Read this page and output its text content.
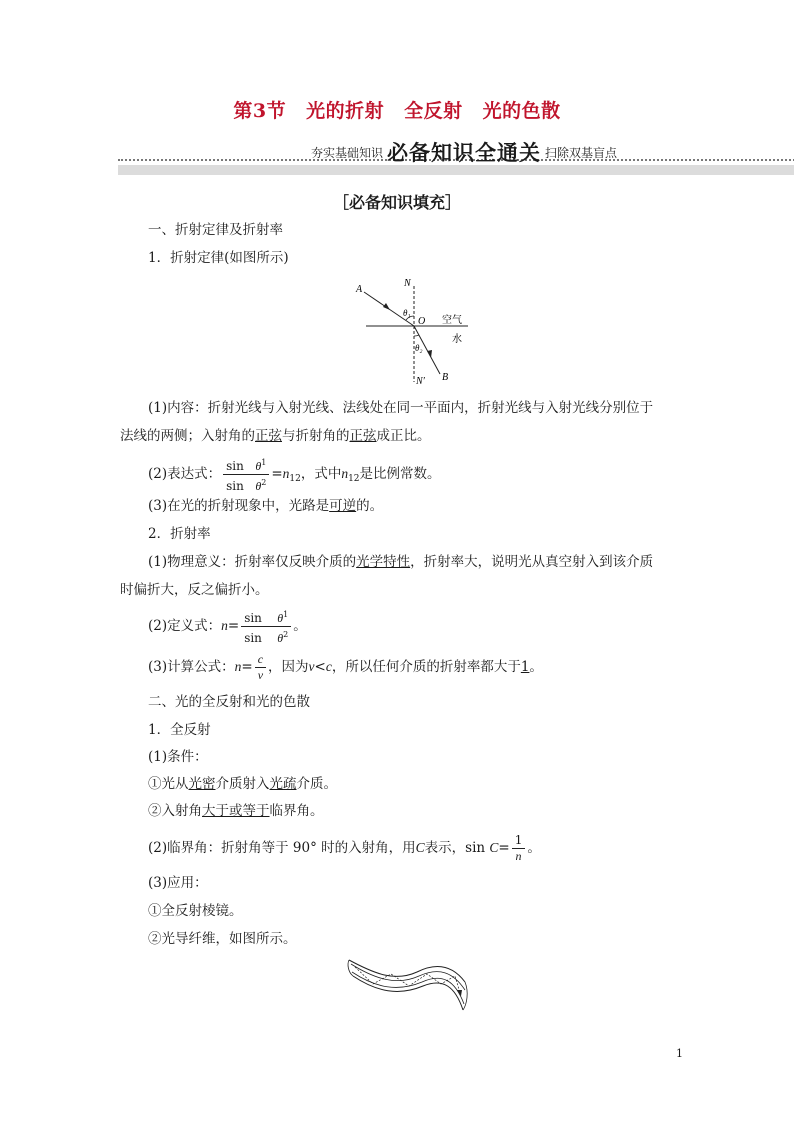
第3节 光的折射 全反射 光的色散
夯实基础知识 必备知识全通关 扫除双基盲点
［必备知识填充］
一、折射定律及折射率
1．折射定律(如图所示)
A
N
θ₁
O 空气
水
θ₂
N′ B
(1)内容：折射光线与入射光线、法线处在同一平面内，折射光线与入射光线分别位于
法线的两侧；入射角的正弦与折射角的正弦成正比。
(2)表达式： $\frac{\sin \theta^1}{\sin \theta^2} =n_{12}$，式中$n_{12}$是比例常数。
(3)在光的折射现象中，光路是可逆的。
2．折射率
(1)物理意义：折射率仅反映介质的光学特性，折射率大，说明光从真空射入到该介质
时偏折大，反之偏折小。
(2)定义式：$n= \frac{\sin \theta^1}{\sin \theta^2}$ 。
(3)计算公式：$n= \frac{c}{v}$ ，因为v<c，所以任何介质的折射率都大于1。
二、光的全反射和光的色散
1．全反射
(1)条件：
①光从光密介质射入光疏介质。
②入射角大于或等于临界角。
(2)临界角：折射角等于 90° 时的入射角，用C表示，$\sin C= \frac{1}{n}$ 。
(3)应用：
①全反射棱镜。
②光导纤维，如图所示。
1
